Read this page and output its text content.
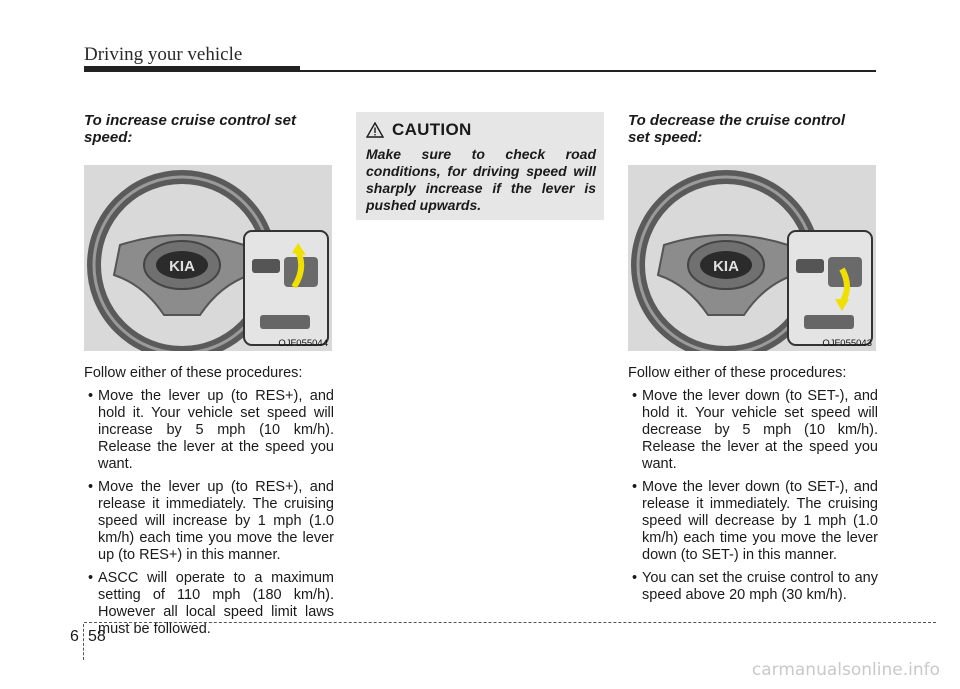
Driving your vehicle
To increase cruise control set speed:
KIA
OJF055044
Follow either of these procedures:
• Move the lever up (to RES+), and hold it. Your vehicle set speed will increase by 5 mph (10 km/h). Release the lever at the speed you want.
• Move the lever up (to RES+), and release it immediately. The cruising speed will increase by 1 mph (1.0 km/h) each time you move the lever up (to RES+) in this manner.
• ASCC will operate to a maximum setting of 110 mph (180 km/h). However all local speed limit laws must be followed.
CAUTION
Make sure to check road conditions, for driving speed will sharply increase if the lever is pushed upwards.
To decrease the cruise control set speed:
KIA
OJF055043
Follow either of these procedures:
• Move the lever down (to SET-), and hold it. Your vehicle set speed will decrease by 5 mph (10 km/h). Release the lever at the speed you want.
• Move the lever down (to SET-), and release it immediately. The cruising speed will decrease by 1 mph (1.0 km/h) each time you move the lever down (to SET-) in this manner.
• You can set the cruise control to any speed above 20 mph (30 km/h).
6 58
carmanualsonline.info
